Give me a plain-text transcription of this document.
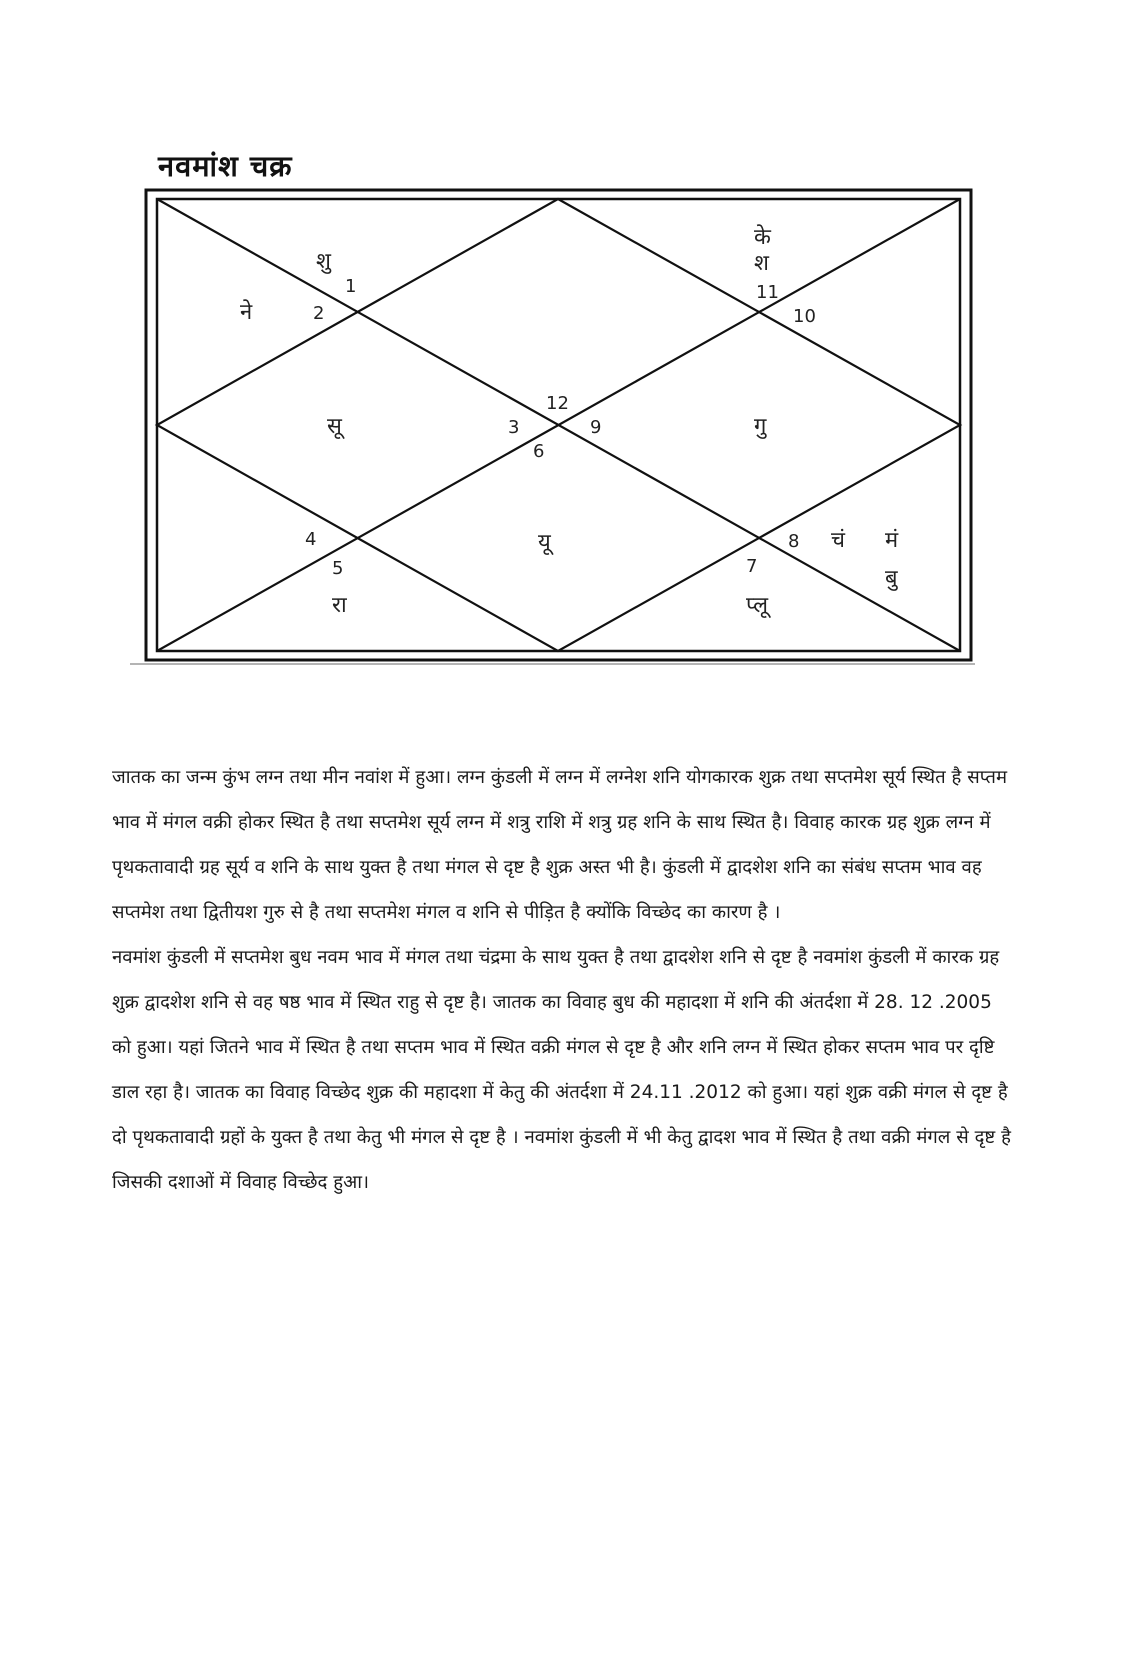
नवमांश चक्र
1
2
3
4
5
6
7
8
9
10
11
12
शु
ने
के
श
सू	गु
यू	चं मं
बु
रा	प्लू

जातक का जन्म कुंभ लग्न तथा मीन नवांश में हुआ। लग्न कुंडली में लग्न में लग्नेश शनि योगकारक शुक्र तथा सप्तमेश सूर्य स्थित है सप्तम भाव में मंगल वक्री होकर स्थित है तथा सप्तमेश सूर्य लग्न में शत्रु राशि में शत्रु ग्रह शनि के साथ स्थित है। विवाह कारक ग्रह शुक्र लग्न में पृथकतावादी ग्रह सूर्य व शनि के साथ युक्त है तथा मंगल से दृष्ट है शुक्र अस्त भी है। कुंडली में द्वादशेश शनि का संबंध सप्तम भाव वह सप्तमेश तथा द्वितीयश गुरु से है तथा सप्तमेश मंगल व शनि से पीड़ित है क्योंकि विच्छेद का कारण है ।

नवमांश कुंडली में सप्तमेश बुध नवम भाव में मंगल तथा चंद्रमा के साथ युक्त है तथा द्वादशेश शनि से दृष्ट है नवमांश कुंडली में कारक ग्रह शुक्र द्वादशेश शनि से वह षष्ठ भाव में स्थित राहु से दृष्ट है। जातक का विवाह बुध की महादशा में शनि की अंतर्दशा में 28. 12 .2005 को हुआ। यहां जितने भाव में स्थित है तथा सप्तम भाव में स्थित वक्री मंगल से दृष्ट है और शनि लग्न में स्थित होकर सप्तम भाव पर दृष्टि डाल रहा है। जातक का विवाह विच्छेद शुक्र की महादशा में केतु की अंतर्दशा में 24.11 .2012 को हुआ। यहां शुक्र वक्री मंगल से दृष्ट है दो पृथकतावादी ग्रहों के युक्त है तथा केतु भी मंगल से दृष्ट है । नवमांश कुंडली में भी केतु द्वादश भाव में स्थित है तथा वक्री मंगल से दृष्ट है जिसकी दशाओं में विवाह विच्छेद हुआ।
